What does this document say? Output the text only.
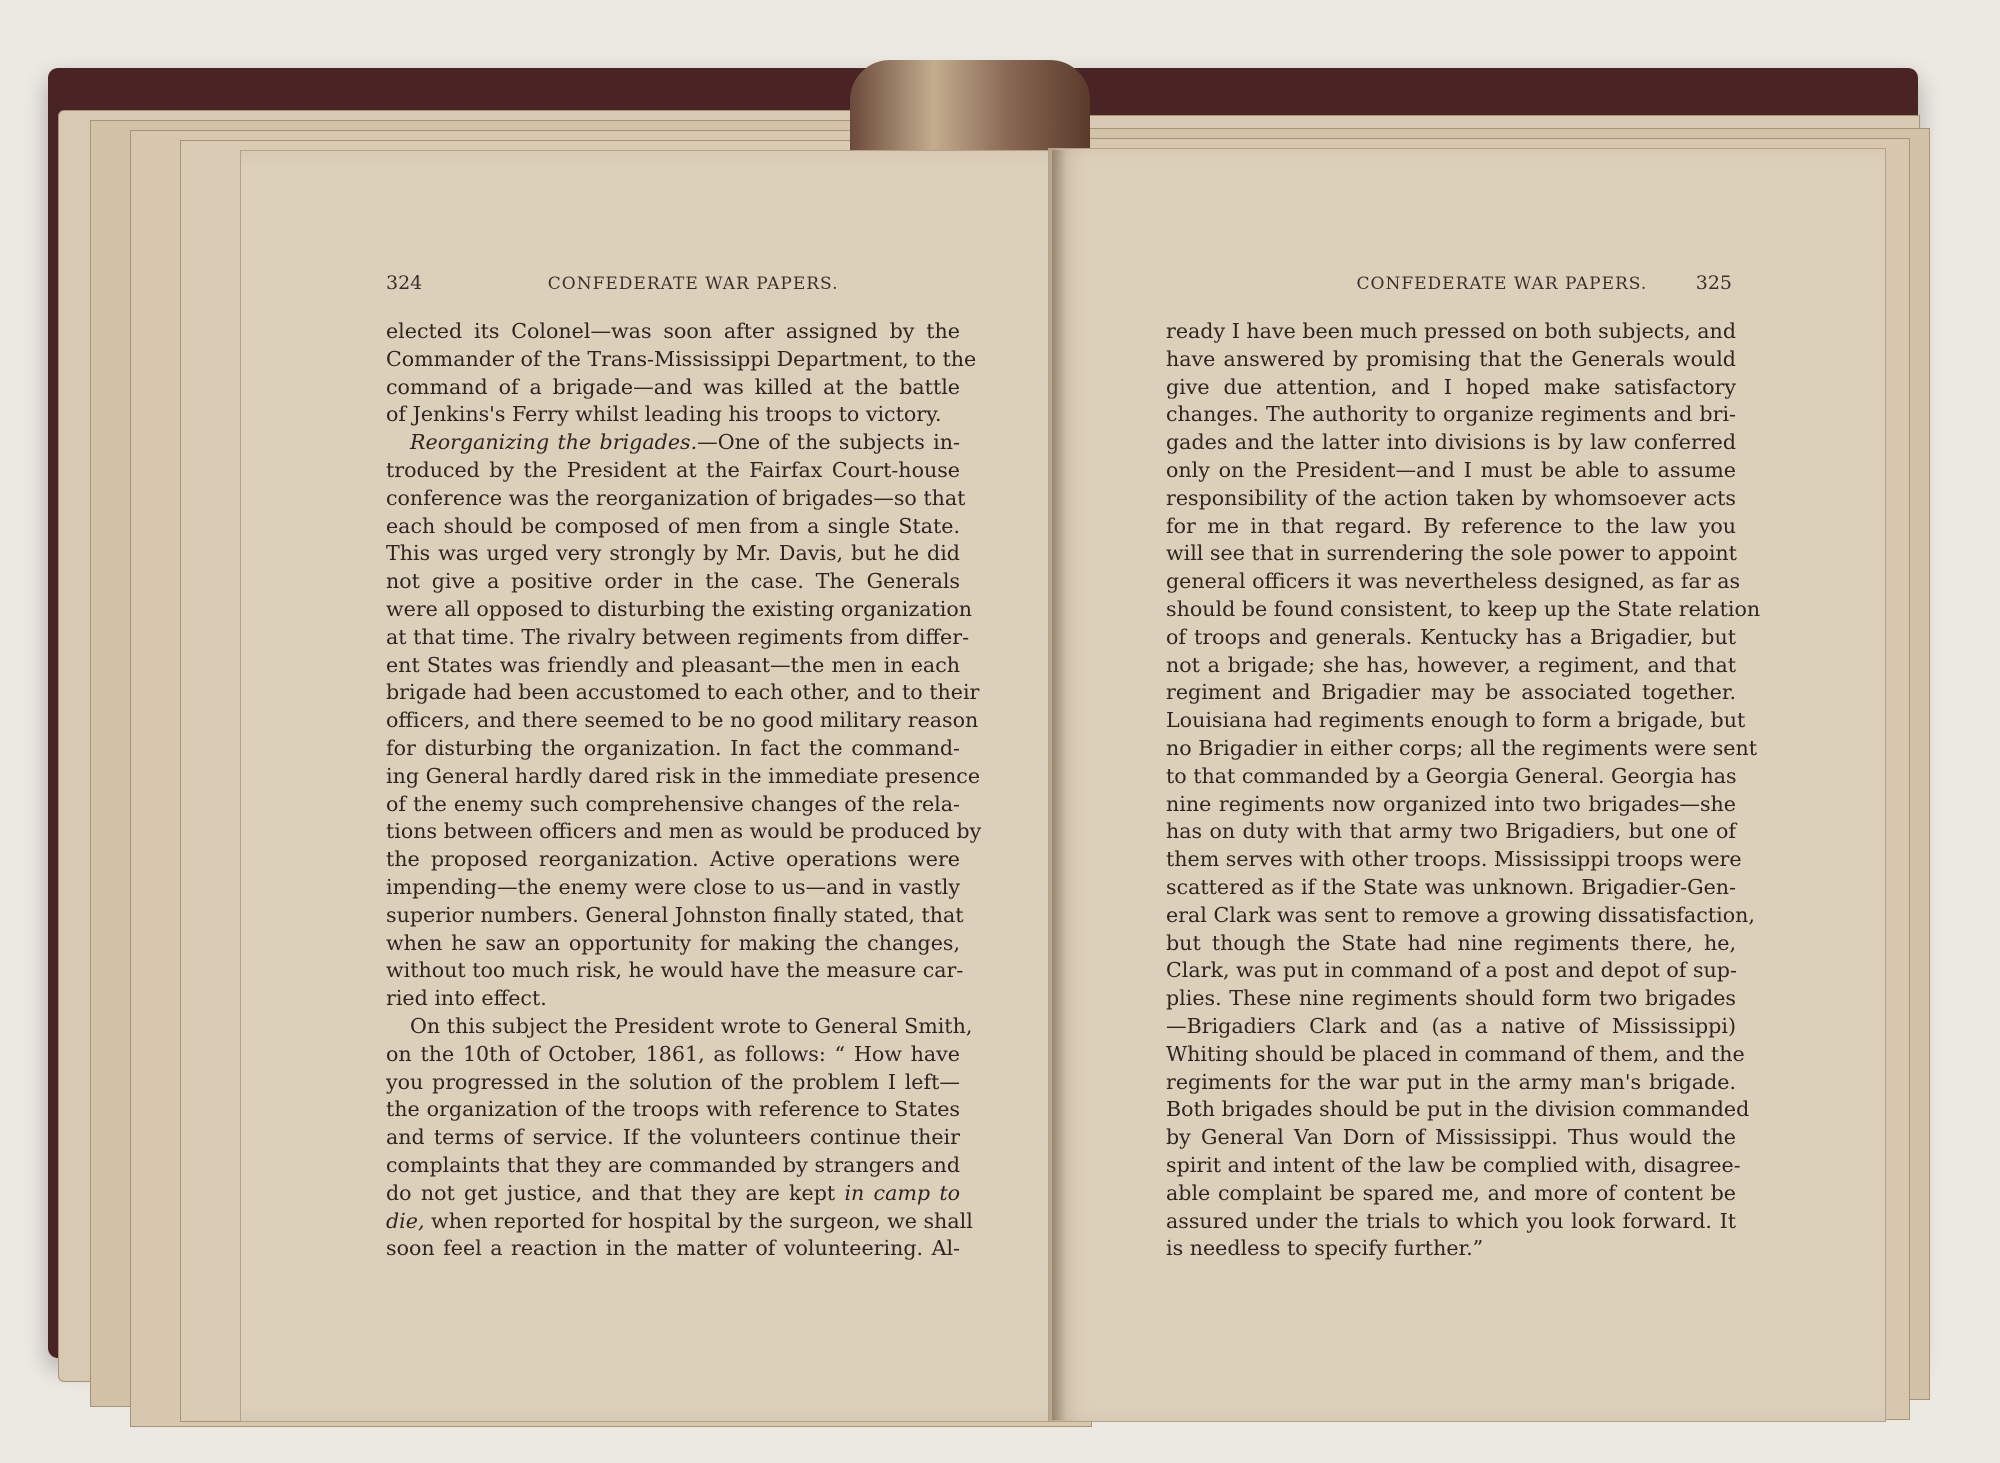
324	CONFEDERATE WAR PAPERS.	CONFEDERATE WAR PAPERS.	325
elected its Colonel—was soon after assigned by the
Commander of the Trans-Mississippi Department, to the
command of a brigade—and was killed at the battle
of Jenkins's Ferry whilst leading his troops to victory.
Reorganizing the brigades.—One of the subjects in-
troduced by the President at the Fairfax Court-house
conference was the reorganization of brigades—so that
each should be composed of men from a single State.
This was urged very strongly by Mr. Davis, but he did
not give a positive order in the case. The Generals
were all opposed to disturbing the existing organization
at that time. The rivalry between regiments from differ-
ent States was friendly and pleasant—the men in each
brigade had been accustomed to each other, and to their
officers, and there seemed to be no good military reason
for disturbing the organization. In fact the command-
ing General hardly dared risk in the immediate presence
of the enemy such comprehensive changes of the rela-
tions between officers and men as would be produced by
the proposed reorganization. Active operations were
impending—the enemy were close to us—and in vastly
superior numbers. General Johnston finally stated, that
when he saw an opportunity for making the changes,
without too much risk, he would have the measure car-
ried into effect.
On this subject the President wrote to General Smith,
on the 10th of October, 1861, as follows: “ How have
you progressed in the solution of the problem I left—
the organization of the troops with reference to States
and terms of service. If the volunteers continue their
complaints that they are commanded by strangers and
do not get justice, and that they are kept in camp to
die, when reported for hospital by the surgeon, we shall
soon feel a reaction in the matter of volunteering. Al-
ready I have been much pressed on both subjects, and
have answered by promising that the Generals would
give due attention, and I hoped make satisfactory
changes. The authority to organize regiments and bri-
gades and the latter into divisions is by law conferred
only on the President—and I must be able to assume
responsibility of the action taken by whomsoever acts
for me in that regard. By reference to the law you
will see that in surrendering the sole power to appoint
general officers it was nevertheless designed, as far as
should be found consistent, to keep up the State relation
of troops and generals. Kentucky has a Brigadier, but
not a brigade; she has, however, a regiment, and that
regiment and Brigadier may be associated together.
Louisiana had regiments enough to form a brigade, but
no Brigadier in either corps; all the regiments were sent
to that commanded by a Georgia General. Georgia has
nine regiments now organized into two brigades—she
has on duty with that army two Brigadiers, but one of
them serves with other troops. Mississippi troops were
scattered as if the State was unknown. Brigadier-Gen-
eral Clark was sent to remove a growing dissatisfaction,
but though the State had nine regiments there, he,
Clark, was put in command of a post and depot of sup-
plies. These nine regiments should form two brigades
—Brigadiers Clark and (as a native of Mississippi)
Whiting should be placed in command of them, and the
regiments for the war put in the army man's brigade.
Both brigades should be put in the division commanded
by General Van Dorn of Mississippi. Thus would the
spirit and intent of the law be complied with, disagree-
able complaint be spared me, and more of content be
assured under the trials to which you look forward. It
is needless to specify further.”
